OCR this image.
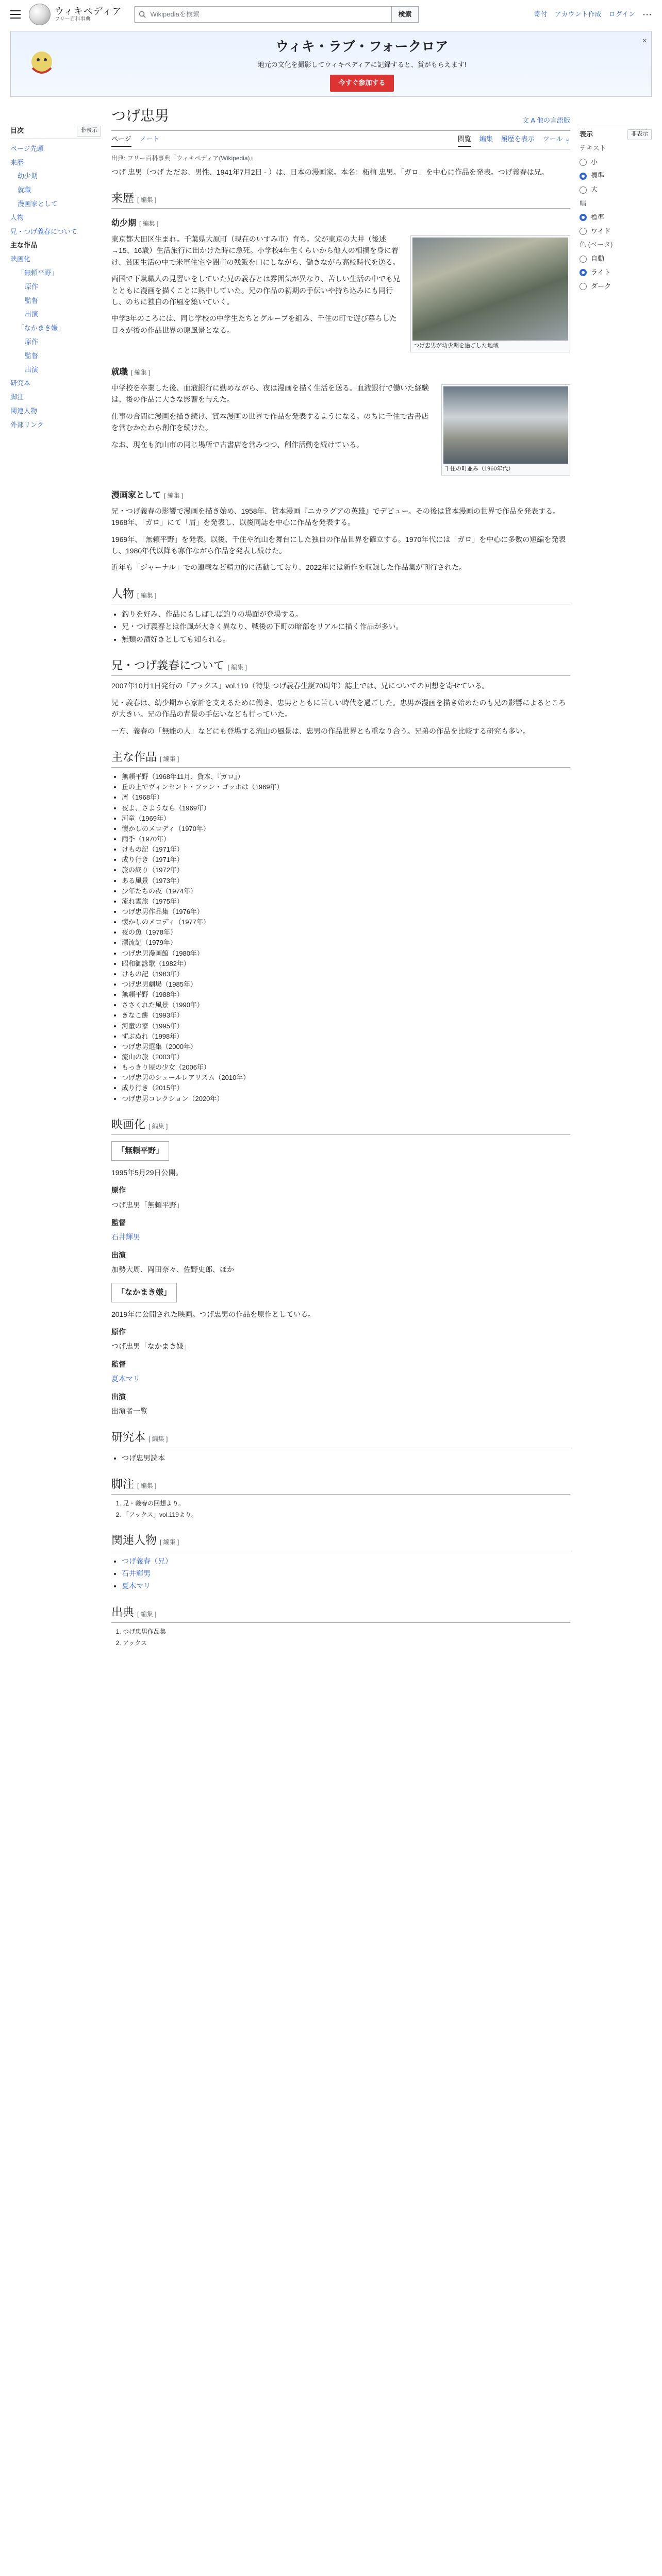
ウィキペディア
フリー百科事典
Wikipediaを検索	検索	寄付 アカウント作成 ログイン ⋯
ウィキ・ラブ・フォークロア
地元の文化を撮影してウィキペディアに記録すると、賞がもらえます!
今すぐ参加する
×
目次	非表示
ページ先頭
来歴
幼少期
就職
漫画家として
人物
兄・つげ義春について
主な作品
映画化
「無頼平野」
原作
監督
出演
「なかまき嫌」
原作
監督
出演
研究本
脚注
関連人物
外部リンク
つげ忠男	文 A 他の言語版
ページ ノート	閲覧 編集 履歴を表示 ツール ⌄
出典: フリー百科事典『ウィキペディア(Wikipedia)』

つげ 忠男（つげ ただお、男性、1941年7月2日 - ）は、日本の漫画家。本名：柘植 忠男。「ガロ」を中心に作品を発表。つげ義春は兄。

来歴 [ 編集 ]
幼少期 [ 編集 ]
つげ忠男が幼少期を過ごした地域

東京都大田区生まれ。千葉県大原町（現在のいすみ市）育ち。父が東京の大井（後述→15、16歳）生活旅行に出かけた時に急死。小学校4年生くらいから他人の相撲を身に着け、貧困生活の中で米軍住宅や闇市の残飯を口にしながら、働きながら高校時代を送る。

両国で下駄職人の見習いをしていた兄の義春とは雰囲気が異なり、苦しい生活の中でも兄とともに漫画を描くことに熱中していた。兄の作品の初期の手伝いや持ち込みにも同行し、のちに独自の作風を築いていく。

中学3年のころには、同じ学校の中学生たちとグループを組み、千住の町で遊び暮らした日々が後の作品世界の原風景となる。

就職 [ 編集 ]
千住の町並み（1960年代）

中学校を卒業した後、血液銀行に勤めながら、夜は漫画を描く生活を送る。血液銀行で働いた経験は、後の作品に大きな影響を与えた。

仕事の合間に漫画を描き続け、貸本漫画の世界で作品を発表するようになる。のちに千住で古書店を営むかたわら創作を続けた。

なお、現在も流山市の同じ場所で古書店を営みつつ、創作活動を続けている。

漫画家として [ 編集 ]

兄・つげ義春の影響で漫画を描き始め、1958年、貸本漫画『ニカラグアの英雄』でデビュー。その後は貸本漫画の世界で作品を発表する。1968年、「ガロ」にて「屑」を発表し、以後同誌を中心に作品を発表する。

1969年、「無頼平野」を発表。以後、千住や流山を舞台にした独自の作品世界を確立する。1970年代には「ガロ」を中心に多数の短編を発表し、1980年代以降も寡作ながら作品を発表し続けた。

近年も「ジャーナル」での連載など精力的に活動しており、2022年には新作を収録した作品集が刊行された。

人物 [ 編集 ]
• 釣りを好み、作品にもしばしば釣りの場面が登場する。
• 兄・つげ義春とは作風が大きく異なり、戦後の下町の暗部をリアルに描く作品が多い。
• 無類の酒好きとしても知られる。
兄・つげ義春について [ 編集 ]

2007年10月1日発行の「アックス」vol.119（特集 つげ義春生誕70周年）誌上では、兄についての回想を寄せている。

兄・義春は、幼少期から家計を支えるために働き、忠男とともに苦しい時代を過ごした。忠男が漫画を描き始めたのも兄の影響によるところが大きい。兄の作品の背景の手伝いなども行っていた。

一方、義春の「無能の人」などにも登場する流山の風景は、忠男の作品世界とも重なり合う。兄弟の作品を比較する研究も多い。

主な作品 [ 編集 ]
• 無頼平野（1968年11月、貸本、『ガロ』）
• 丘の上でヴィンセント・ファン・ゴッホは（1969年）
• 屑（1968年）
• 夜よ、さようなら（1969年）
• 河童（1969年）
• 懐かしのメロディ（1970年）
• 雨季（1970年）
• けもの記（1971年）
• 成り行き（1971年）
• 旅の終り（1972年）
• ある風景（1973年）
• 少年たちの夜（1974年）
• 流れ雲旅（1975年）
• つげ忠男作品集（1976年）
• 懐かしのメロディ（1977年）
• 夜の魚（1978年）
• 漂流記（1979年）
• つげ忠男漫画館（1980年）
• 昭和御詠歌（1982年）
• けもの記（1983年）
• つげ忠男劇場（1985年）
• 無頼平野（1988年）
• ささくれた風景（1990年）
• きなこ餅（1993年）
• 河童の家（1995年）
• ずぶぬれ（1998年）
• つげ忠男選集（2000年）
• 流山の旅（2003年）
• もっきり屋の少女（2006年）
• つげ忠男のシュールレアリズム（2010年）
• 成り行き（2015年）
• つげ忠男コレクション（2020年）
映画化 [ 編集 ]
「無頼平野」

1995年5月29日公開。

原作

つげ忠男「無頼平野」

監督

石井輝男

出演

加勢大周、岡田奈々、佐野史郎、ほか

「なかまき嫌」

2019年に公開された映画。つげ忠男の作品を原作としている。

原作

つげ忠男「なかまき嫌」

監督

夏木マリ

出演

出演者一覧

研究本 [ 編集 ]
• つげ忠男読本
脚注 [ 編集 ]
1. 兄・義春の回想より。
2. 「アックス」vol.119より。
関連人物 [ 編集 ]
• つげ義春（兄）
• 石井輝男
• 夏木マリ
出典 [ 編集 ]
1. つげ忠男作品集
2. アックス
表示	非表示
テキスト
小
標準
大
幅
標準
ワイド
色 (ベータ)
自動
ライト
ダーク
